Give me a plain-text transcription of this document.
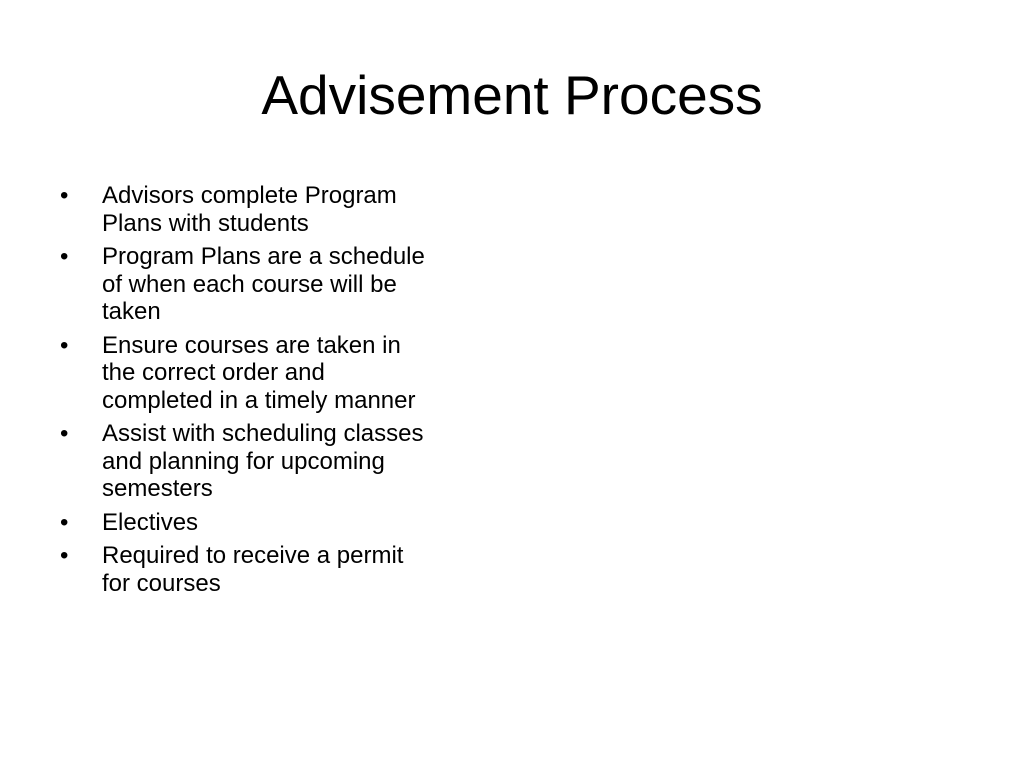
Advisement Process
•	Advisors complete Program
Plans with students
•	Program Plans are a schedule
of when each course will be
taken
•	Ensure courses are taken in
the correct order and
completed in a timely manner
•	Assist with scheduling classes
and planning for upcoming
semesters
•	Electives
•	Required to receive a permit
for courses
